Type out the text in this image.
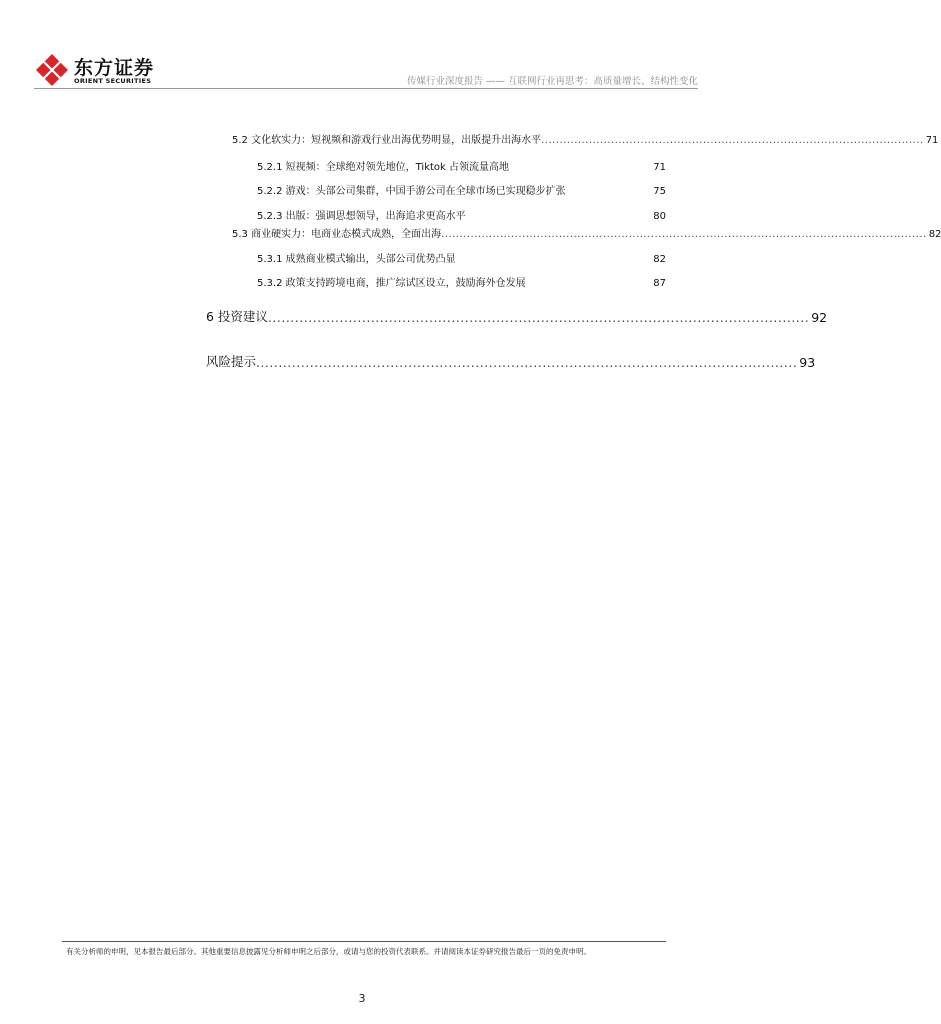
东方证券
ORIENT SECURITIES	传媒行业深度报告 —— 互联网行业再思考：高质量增长、结构性变化
5.2 文化软实力：短视频和游戏行业出海优势明显，出版提升出海水平 ........................................................................................................ 71
5.2.1 短视频：全球绝对领先地位，Tiktok 占领流量高地	71
5.2.2 游戏：头部公司集群，中国手游公司在全球市场已实现稳步扩张	75
5.2.3 出版：强调思想领导，出海追求更高水平	80
5.3 商业硬实力：电商业态模式成熟，全面出海 .................................................................................................................................... 82
5.3.1 成熟商业模式输出，头部公司优势凸显	82
5.3.2 政策支持跨境电商，推广综试区设立，鼓励海外仓发展	87
6 投资建议 ......................................................................................................................... 92
风险提示 ......................................................................................................................... 93
有关分析师的申明，见本报告最后部分。其他重要信息披露见分析师申明之后部分，或请与您的投资代表联系。并请阅读本证券研究报告最后一页的免责申明。
3
